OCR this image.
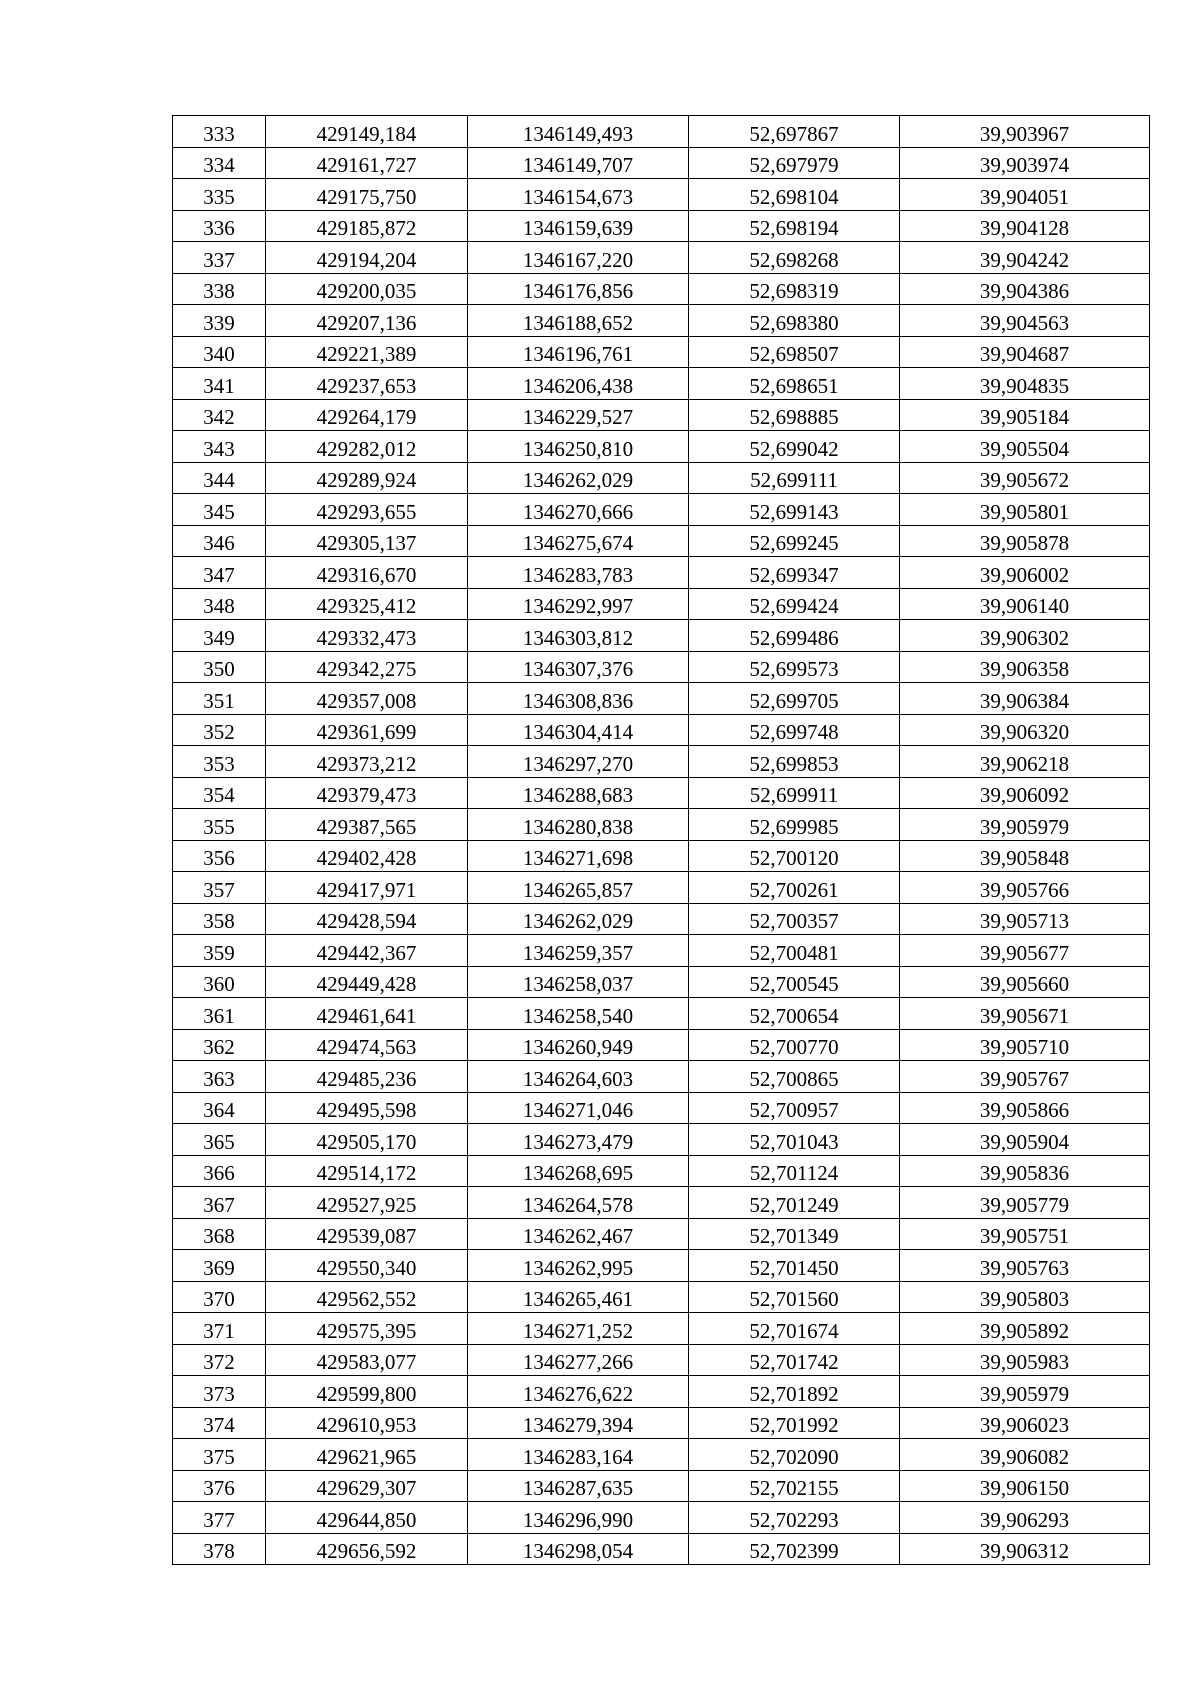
333	429149,184	1346149,493	52,697867	39,903967
334	429161,727	1346149,707	52,697979	39,903974
335	429175,750	1346154,673	52,698104	39,904051
336	429185,872	1346159,639	52,698194	39,904128
337	429194,204	1346167,220	52,698268	39,904242
338	429200,035	1346176,856	52,698319	39,904386
339	429207,136	1346188,652	52,698380	39,904563
340	429221,389	1346196,761	52,698507	39,904687
341	429237,653	1346206,438	52,698651	39,904835
342	429264,179	1346229,527	52,698885	39,905184
343	429282,012	1346250,810	52,699042	39,905504
344	429289,924	1346262,029	52,699111	39,905672
345	429293,655	1346270,666	52,699143	39,905801
346	429305,137	1346275,674	52,699245	39,905878
347	429316,670	1346283,783	52,699347	39,906002
348	429325,412	1346292,997	52,699424	39,906140
349	429332,473	1346303,812	52,699486	39,906302
350	429342,275	1346307,376	52,699573	39,906358
351	429357,008	1346308,836	52,699705	39,906384
352	429361,699	1346304,414	52,699748	39,906320
353	429373,212	1346297,270	52,699853	39,906218
354	429379,473	1346288,683	52,699911	39,906092
355	429387,565	1346280,838	52,699985	39,905979
356	429402,428	1346271,698	52,700120	39,905848
357	429417,971	1346265,857	52,700261	39,905766
358	429428,594	1346262,029	52,700357	39,905713
359	429442,367	1346259,357	52,700481	39,905677
360	429449,428	1346258,037	52,700545	39,905660
361	429461,641	1346258,540	52,700654	39,905671
362	429474,563	1346260,949	52,700770	39,905710
363	429485,236	1346264,603	52,700865	39,905767
364	429495,598	1346271,046	52,700957	39,905866
365	429505,170	1346273,479	52,701043	39,905904
366	429514,172	1346268,695	52,701124	39,905836
367	429527,925	1346264,578	52,701249	39,905779
368	429539,087	1346262,467	52,701349	39,905751
369	429550,340	1346262,995	52,701450	39,905763
370	429562,552	1346265,461	52,701560	39,905803
371	429575,395	1346271,252	52,701674	39,905892
372	429583,077	1346277,266	52,701742	39,905983
373	429599,800	1346276,622	52,701892	39,905979
374	429610,953	1346279,394	52,701992	39,906023
375	429621,965	1346283,164	52,702090	39,906082
376	429629,307	1346287,635	52,702155	39,906150
377	429644,850	1346296,990	52,702293	39,906293
378	429656,592	1346298,054	52,702399	39,906312
